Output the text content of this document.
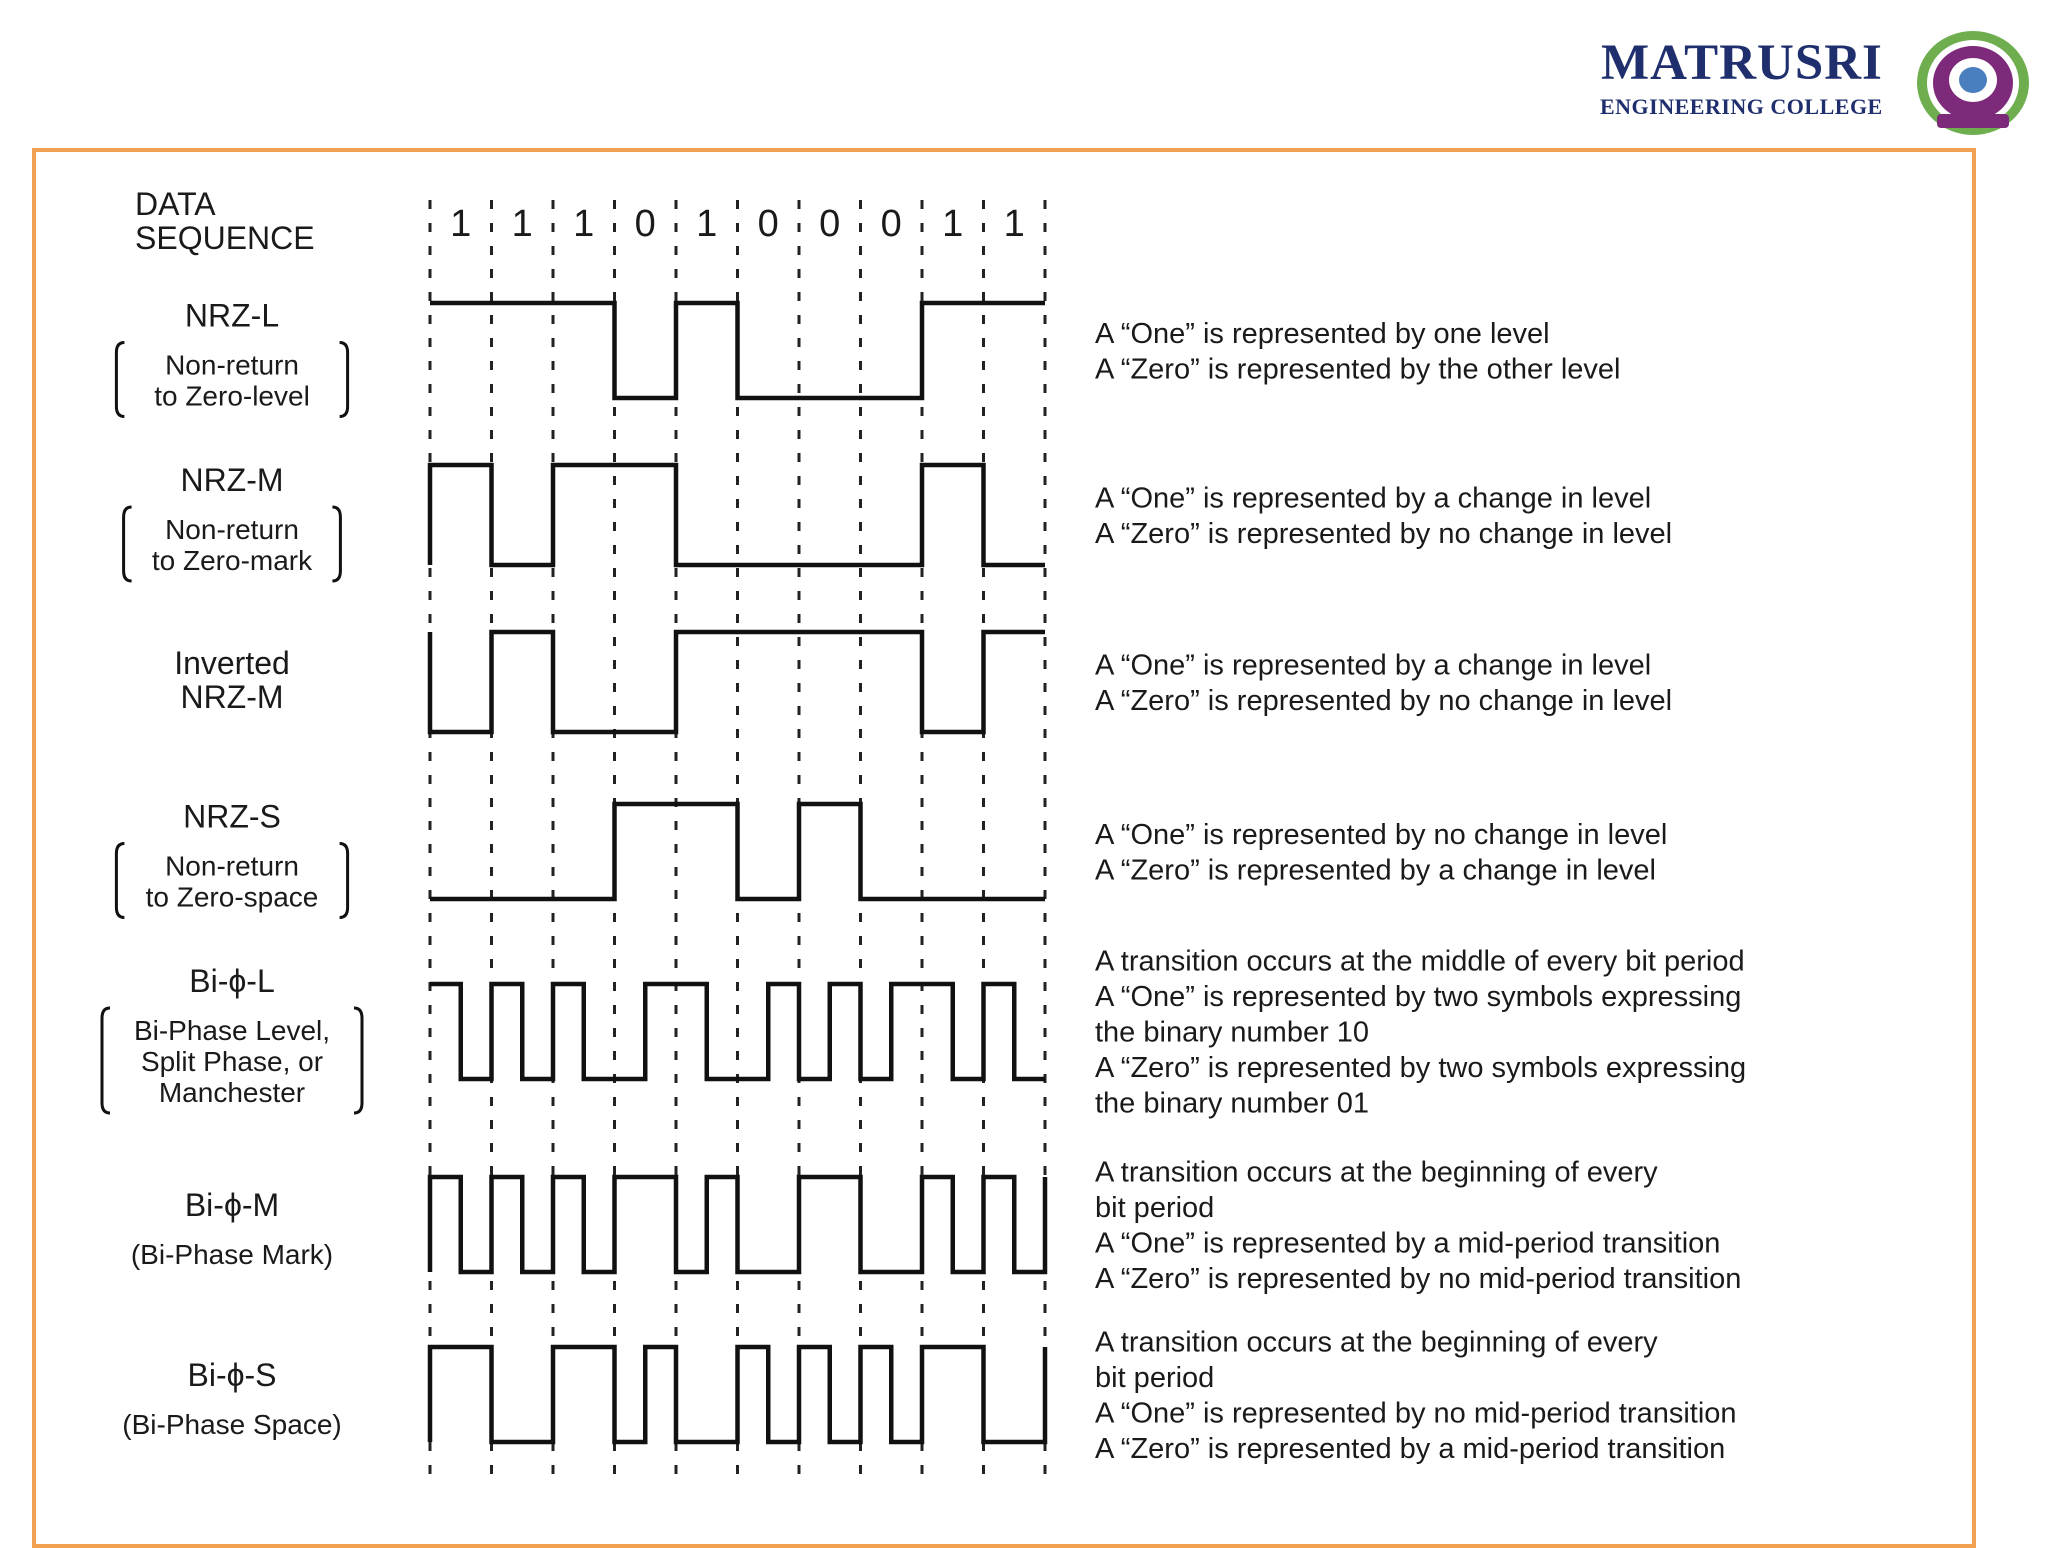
MATRUSRI
ENGINEERING COLLEGE
DATA
SEQUENCE	1 1 1 0 1 0 0 0 1 1
NRZ-L
Non-return
to Zero-level
A “One” is represented by one level
A “Zero” is represented by the other level
NRZ-M
Non-return
to Zero-mark
A “One” is represented by a change in level
A “Zero” is represented by no change in level
Inverted
NRZ-M
A “One” is represented by a change in level
A “Zero” is represented by no change in level
NRZ-S
Non-return
to Zero-space
A “One” is represented by no change in level
A “Zero” is represented by a change in level
Bi-ϕ-L
Bi-Phase Level,
Split Phase, or
Manchester
A transition occurs at the middle of every bit period
A “One” is represented by two symbols expressing
the binary number 10
A “Zero” is represented by two symbols expressing
the binary number 01
Bi-ϕ-M
(Bi-Phase Mark)
A transition occurs at the beginning of every
bit period
A “One” is represented by a mid-period transition
A “Zero” is represented by no mid-period transition
Bi-ϕ-S
(Bi-Phase Space)
A transition occurs at the beginning of every
bit period
A “One” is represented by no mid-period transition
A “Zero” is represented by a mid-period transition
